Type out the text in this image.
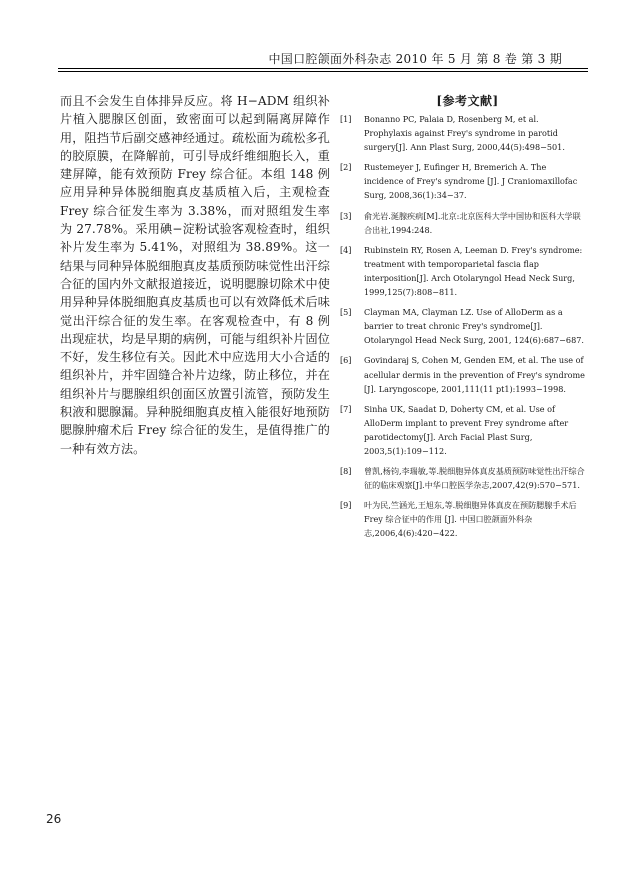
中国口腔颌面外科杂志 2010 年 5 月 第 8 卷 第 3 期
而且不会发生自体排异反应。将 H−ADM 组织补片植入腮腺区创面，致密面可以起到隔离屏障作用，阻挡节后副交感神经通过。疏松面为疏松多孔的胶原膜，在降解前，可引导成纤维细胞长入，重建屏障，能有效预防 Frey 综合征。本组 148 例应用异种异体脱细胞真皮基质植入后，主观检查 Frey 综合征发生率为 3.38%，而对照组发生率为 27.78%。采用碘−淀粉试验客观检查时，组织补片发生率为 5.41%，对照组为 38.89%。这一结果与同种异体脱细胞真皮基质预防味觉性出汗综合征的国内外文献报道接近，说明腮腺切除术中使用异种异体脱细胞真皮基质也可以有效降低术后味觉出汗综合征的发生率。在客观检查中，有 8 例出现症状，均是早期的病例，可能与组织补片固位不好，发生移位有关。因此术中应选用大小合适的组织补片，并牢固缝合补片边缘，防止移位，并在组织补片与腮腺组织创面区放置引流管，预防发生积液和腮腺漏。异种脱细胞真皮植入能很好地预防腮腺肿瘤术后 Frey 综合征的发生，是值得推广的一种有效方法。
[参考文献]
[1]	Bonanno PC, Palaia D, Rosenberg M, et al. Prophylaxis against Frey's syndrome in parotid surgery[J]. Ann Plast Surg, 2000,44(5):498−501.
[2]	Rustemeyer J, Eufinger H, Bremerich A. The incidence of Frey's syndrome [J]. J Craniomaxillofac Surg, 2008,36(1):34−37.
[3]	俞光岩.涎腺疾病[M].北京:北京医科大学中国协和医科大学联合出社,1994:248.
[4]	Rubinstein RY, Rosen A, Leeman D. Frey's syndrome: treatment with temporoparietal fascia flap interposition[J]. Arch Otolaryngol Head Neck Surg, 1999,125(7):808−811.
[5]	Clayman MA, Clayman LZ. Use of AlloDerm as a barrier to treat chronic Frey's syndrome[J]. Otolaryngol Head Neck Surg, 2001, 124(6):687−687.
[6]	Govindaraj S, Cohen M, Genden EM, et al. The use of acellular dermis in the prevention of Frey's syndrome [J]. Laryngoscope, 2001,111(11 pt1):1993−1998.
[7]	Sinha UK, Saadat D, Doherty CM, et al. Use of AlloDerm implant to prevent Frey syndrome after parotidectomy[J]. Arch Facial Plast Surg, 2003,5(1):109−112.
[8]	曾凯,杨钧,李瑞敏,等.脱细胞异体真皮基质预防味觉性出汗综合征的临床观察[J].中华口腔医学杂志,2007,42(9):570−571.
[9]	叶为民,竺涵光,王旭东,等.脱细胞异体真皮在预防腮腺手术后 Frey 综合征中的作用 [J]. 中国口腔颌面外科杂志,2006,4(6):420−422.
26
